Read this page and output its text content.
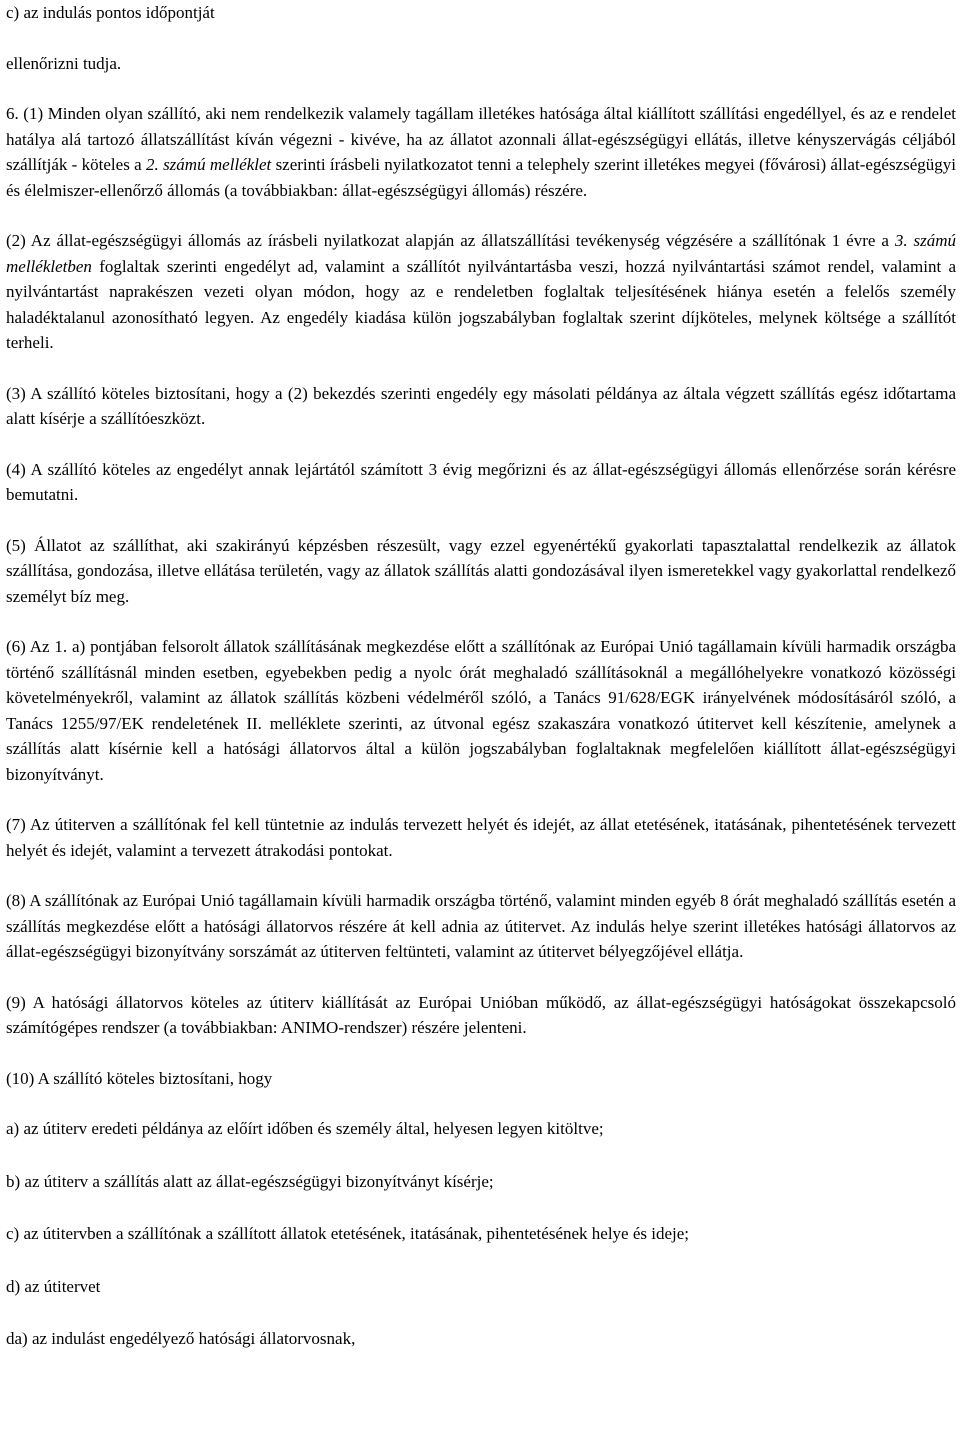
c) az indulás pontos időpontját

ellenőrizni tudja.

6. (1) Minden olyan szállító, aki nem rendelkezik valamely tagállam illetékes hatósága által kiállított szállítási engedéllyel, és az e rendelet hatálya alá tartozó állatszállítást kíván végezni - kivéve, ha az állatot azonnali állat-egészségügyi ellátás, illetve kényszervágás céljából szállítják - köteles a 2. számú melléklet szerinti írásbeli nyilatkozatot tenni a telephely szerint illetékes megyei (fővárosi) állat-egészségügyi és élelmiszer-ellenőrző állomás (a továbbiakban: állat-egészségügyi állomás) részére.

(2) Az állat-egészségügyi állomás az írásbeli nyilatkozat alapján az állatszállítási tevékenység végzésére a szállítónak 1 évre a 3. számú mellékletben foglaltak szerinti engedélyt ad, valamint a szállítót nyilvántartásba veszi, hozzá nyilvántartási számot rendel, valamint a nyilvántartást naprakészen vezeti olyan módon, hogy az e rendeletben foglaltak teljesítésének hiánya esetén a felelős személy haladéktalanul azonosítható legyen. Az engedély kiadása külön jogszabályban foglaltak szerint díjköteles, melynek költsége a szállítót terheli.

(3) A szállító köteles biztosítani, hogy a (2) bekezdés szerinti engedély egy másolati példánya az általa végzett szállítás egész időtartama alatt kísérje a szállítóeszközt.

(4) A szállító köteles az engedélyt annak lejártától számított 3 évig megőrizni és az állat-egészségügyi állomás ellenőrzése során kérésre bemutatni.

(5) Állatot az szállíthat, aki szakirányú képzésben részesült, vagy ezzel egyenértékű gyakorlati tapasztalattal rendelkezik az állatok szállítása, gondozása, illetve ellátása területén, vagy az állatok szállítás alatti gondozásával ilyen ismeretekkel vagy gyakorlattal rendelkező személyt bíz meg.

(6) Az 1. a) pontjában felsorolt állatok szállításának megkezdése előtt a szállítónak az Európai Unió tagállamain kívüli harmadik országba történő szállításnál minden esetben, egyebekben pedig a nyolc órát meghaladó szállításoknál a megállóhelyekre vonatkozó közösségi követelményekről, valamint az állatok szállítás közbeni védelméről szóló, a Tanács 91/628/EGK irányelvének módosításáról szóló, a Tanács 1255/97/EK rendeletének II. melléklete szerinti, az útvonal egész szakaszára vonatkozó útitervet kell készítenie, amelynek a szállítás alatt kísérnie kell a hatósági állatorvos által a külön jogszabályban foglaltaknak megfelelően kiállított állat-egészségügyi bizonyítványt.

(7) Az útiterven a szállítónak fel kell tüntetnie az indulás tervezett helyét és idejét, az állat etetésének, itatásának, pihentetésének tervezett helyét és idejét, valamint a tervezett átrakodási pontokat.

(8) A szállítónak az Európai Unió tagállamain kívüli harmadik országba történő, valamint minden egyéb 8 órát meghaladó szállítás esetén a szállítás megkezdése előtt a hatósági állatorvos részére át kell adnia az útitervet. Az indulás helye szerint illetékes hatósági állatorvos az állat-egészségügyi bizonyítvány sorszámát az útiterven feltünteti, valamint az útitervet bélyegzőjével ellátja.

(9) A hatósági állatorvos köteles az útiterv kiállítását az Európai Unióban működő, az állat-egészségügyi hatóságokat összekapcsoló számítógépes rendszer (a továbbiakban: ANIMO-rendszer) részére jelenteni.

(10) A szállító köteles biztosítani, hogy

a) az útiterv eredeti példánya az előírt időben és személy által, helyesen legyen kitöltve;

b) az útiterv a szállítás alatt az állat-egészségügyi bizonyítványt kísérje;

c) az útitervben a szállítónak a szállított állatok etetésének, itatásának, pihentetésének helye és ideje;

d) az útitervet

da) az indulást engedélyező hatósági állatorvosnak,
